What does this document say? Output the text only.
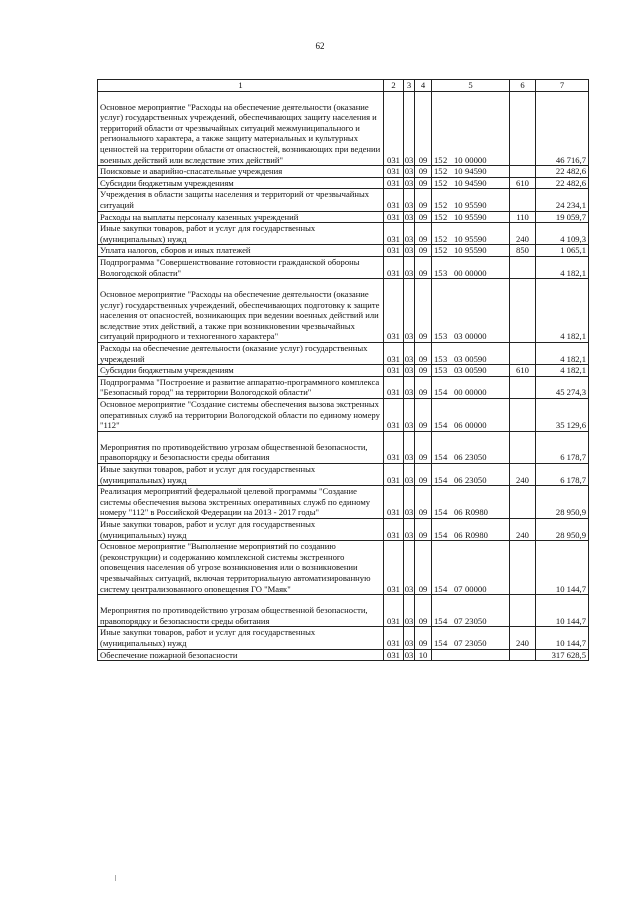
62
1	2	3	4	5	6	7
Основное мероприятие "Расходы на обеспечение деятельности (оказание услуг) государственных учреждений, обеспечивающих защиту населения и территорий области от чрезвычайных ситуаций межмуниципального и регионального характера, а также защиту материальных и культурных ценностей на территории области от опасностей, возникающих при ведении военных действий или вследствие этих действий"	031	03	09	152 10 00000		46 716,7
Поисковые и аварийно-спасательные учреждения	031	03	09	152 10 94590		22 482,6
Субсидии бюджетным учреждениям	031	03	09	152 10 94590	610	22 482,6
Учреждения в области защиты населения и территорий от чрезвычайных ситуаций	031	03	09	152 10 95590		24 234,1
Расходы на выплаты персоналу казенных учреждений	031	03	09	152 10 95590	110	19 059,7
Иные закупки товаров, работ и услуг для государственных (муниципальных) нужд	031	03	09	152 10 95590	240	4 109,3
Уплата налогов, сборов и иных платежей	031	03	09	152 10 95590	850	1 065,1
Подпрограмма "Совершенствование готовности гражданской обороны Вологодской области"	031	03	09	153 00 00000		4 182,1
Основное мероприятие "Расходы на обеспечение деятельности (оказание услуг) государственных учреждений, обеспечивающих подготовку к защите населения от опасностей, возникающих при ведении военных действий или вследствие этих действий, а также при возникновении чрезвычайных ситуаций природного и техногенного характера"	031	03	09	153 03 00000		4 182,1
Расходы на обеспечение деятельности (оказание услуг) государственных учреждений	031	03	09	153 03 00590		4 182,1
Субсидии бюджетным учреждениям	031	03	09	153 03 00590	610	4 182,1
Подпрограмма "Построение и развитие аппаратно-программного комплекса "Безопасный город" на территории Вологодской области"	031	03	09	154 00 00000		45 274,3
Основное мероприятие "Создание системы обеспечения вызова экстренных оперативных служб на территории Вологодской области по единому номеру "112"	031	03	09	154 06 00000		35 129,6
Мероприятия по противодействию угрозам общественной безопасности, правопорядку и безопасности среды обитания	031	03	09	154 06 23050		6 178,7
Иные закупки товаров, работ и услуг для государственных (муниципальных) нужд	031	03	09	154 06 23050	240	6 178,7
Реализация мероприятий федеральной целевой программы "Создание системы обеспечения вызова экстренных оперативных служб по единому номеру "112" в Российской Федерации на 2013 - 2017 годы"	031	03	09	154 06 R0980		28 950,9
Иные закупки товаров, работ и услуг для государственных (муниципальных) нужд	031	03	09	154 06 R0980	240	28 950,9
Основное мероприятие "Выполнение мероприятий по созданию (реконструкции) и содержанию комплексной системы экстренного оповещения населения об угрозе возникновения или о возникновении чрезвычайных ситуаций, включая территориальную автоматизированную систему централизованного оповещения ГО "Маяк"	031	03	09	154 07 00000		10 144,7
Мероприятия по противодействию угрозам общественной безопасности, правопорядку и безопасности среды обитания	031	03	09	154 07 23050		10 144,7
Иные закупки товаров, работ и услуг для государственных (муниципальных) нужд	031	03	09	154 07 23050	240	10 144,7
Обеспечение пожарной безопасности	031	03	10			317 628,5
